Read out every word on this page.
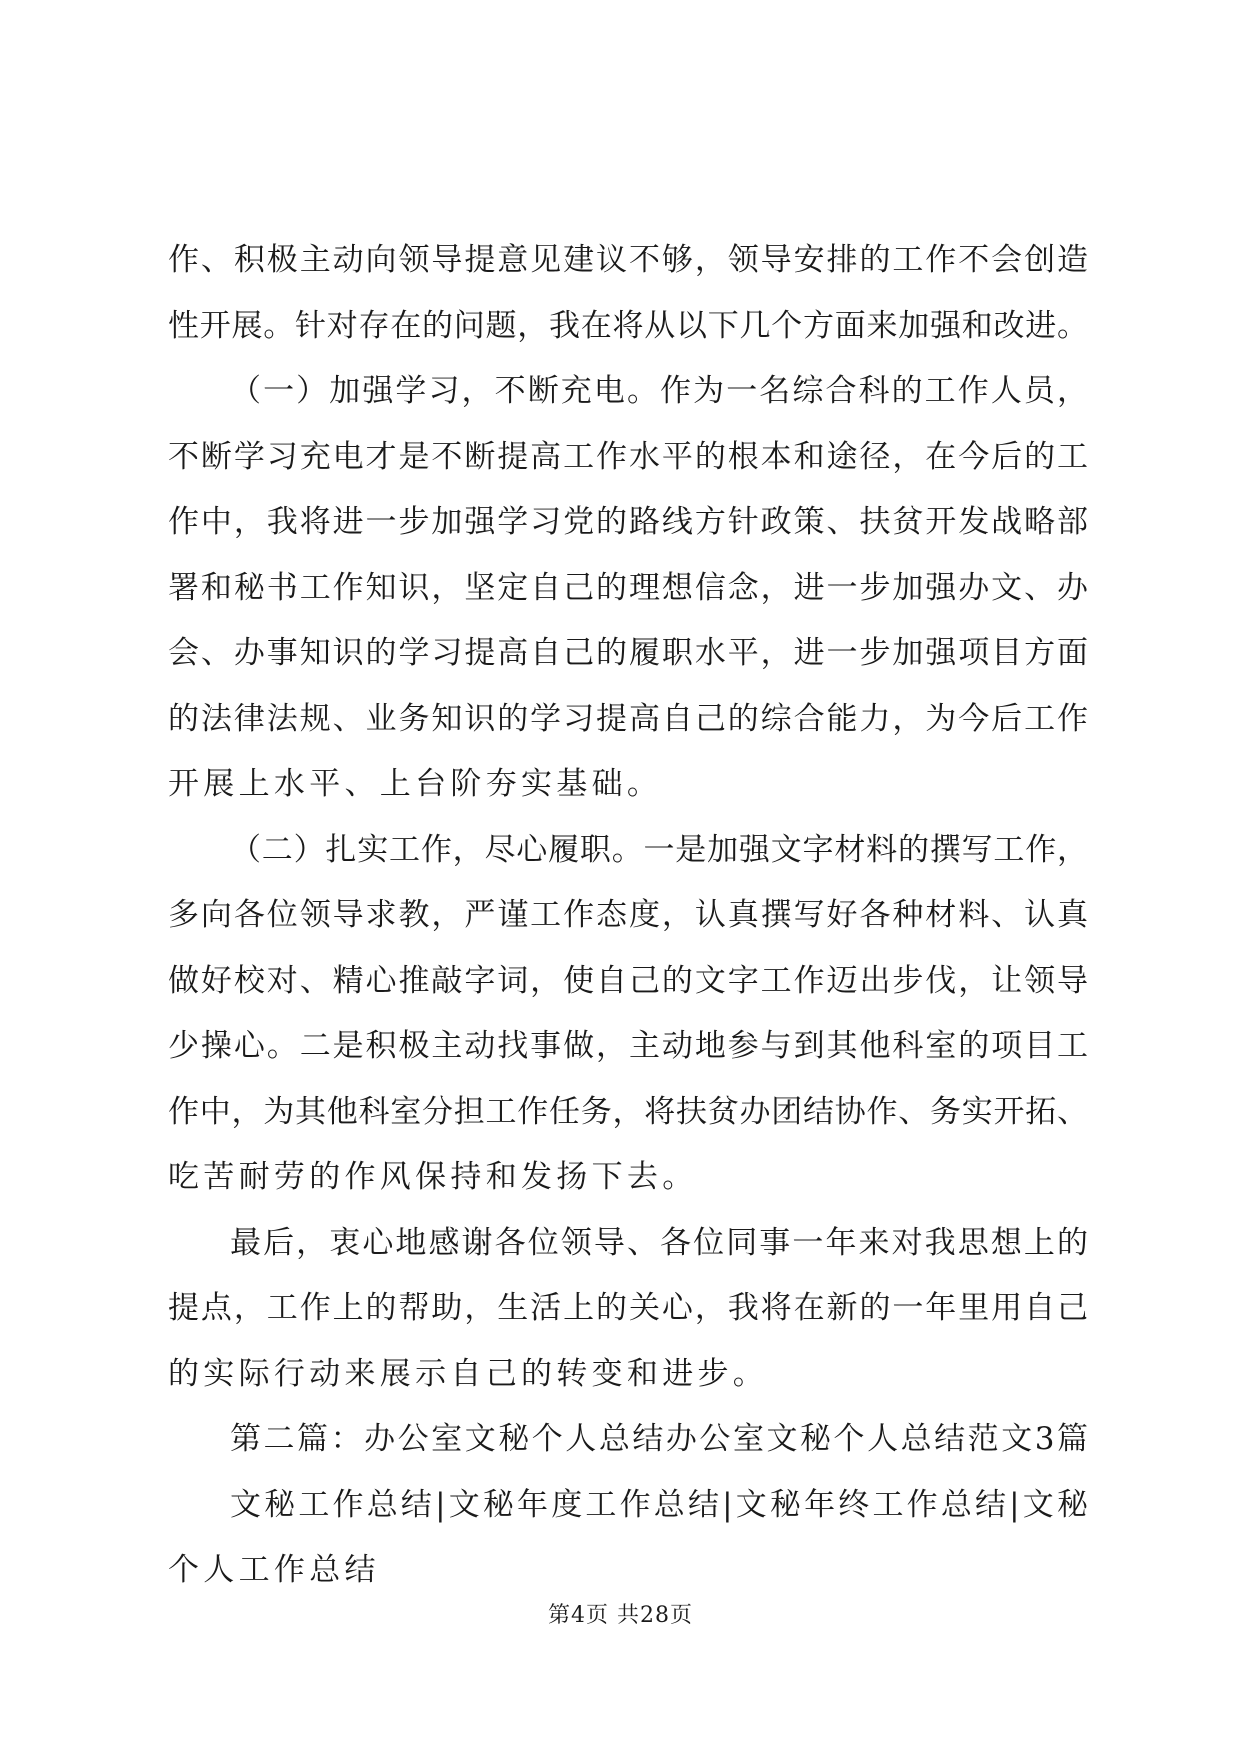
作、积极主动向领导提意见建议不够，领导安排的工作不会创造
性开展。针对存在的问题，我在将从以下几个方面来加强和改进。
（一）加强学习，不断充电。作为一名综合科的工作人员，
不断学习充电才是不断提高工作水平的根本和途径，在今后的工
作中，我将进一步加强学习党的路线方针政策、扶贫开发战略部
署和秘书工作知识，坚定自己的理想信念，进一步加强办文、办
会、办事知识的学习提高自己的履职水平，进一步加强项目方面
的法律法规、业务知识的学习提高自己的综合能力，为今后工作
开展上水平、上台阶夯实基础。
（二）扎实工作，尽心履职。一是加强文字材料的撰写工作，
多向各位领导求教，严谨工作态度，认真撰写好各种材料、认真
做好校对、精心推敲字词，使自己的文字工作迈出步伐，让领导
少操心。二是积极主动找事做，主动地参与到其他科室的项目工
作中，为其他科室分担工作任务，将扶贫办团结协作、务实开拓、
吃苦耐劳的作风保持和发扬下去。
最后，衷心地感谢各位领导、各位同事一年来对我思想上的
提点，工作上的帮助，生活上的关心，我将在新的一年里用自己
的实际行动来展示自己的转变和进步。
第二篇：办公室文秘个人总结办公室文秘个人总结范文3篇
文秘工作总结|文秘年度工作总结|文秘年终工作总结|文秘
个人工作总结
第4页 共28页
